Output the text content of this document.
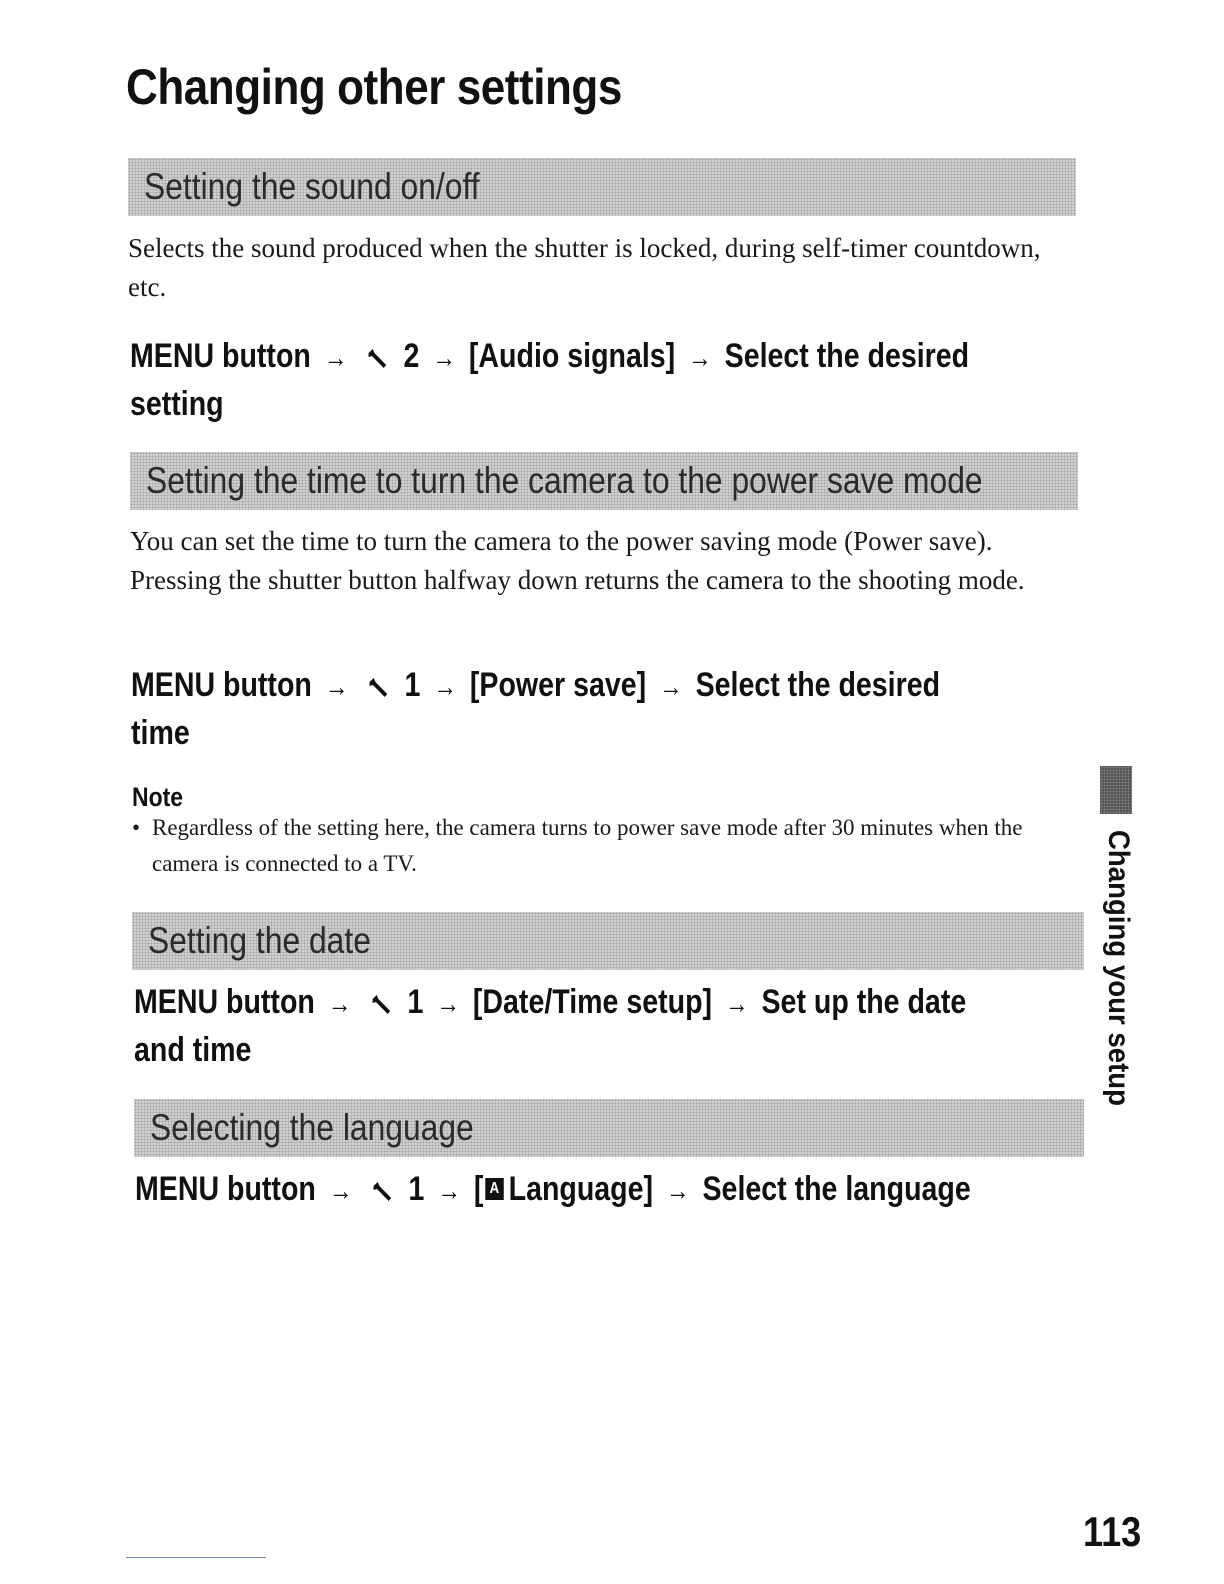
Changing other settings
Setting the sound on/off

Selects the sound produced when the shutter is locked, during self-timer countdown, etc.

MENU button → 2 → [Audio signals] → Select the desired
setting

Setting the time to turn the camera to the power save mode

You can set the time to turn the camera to the power saving mode (Power save). Pressing the shutter button halfway down returns the camera to the shooting mode.

MENU button → 1 → [Power save] → Select the desired
time

Note

• Regardless of the setting here, the camera turns to power save mode after 30 minutes when the camera is connected to a TV.
Setting the date

MENU button → 1 → [Date/Time setup] → Set up the date
and time

Selecting the language

MENU button → 1 → [ A Language] → Select the language

Changing your setup

113
